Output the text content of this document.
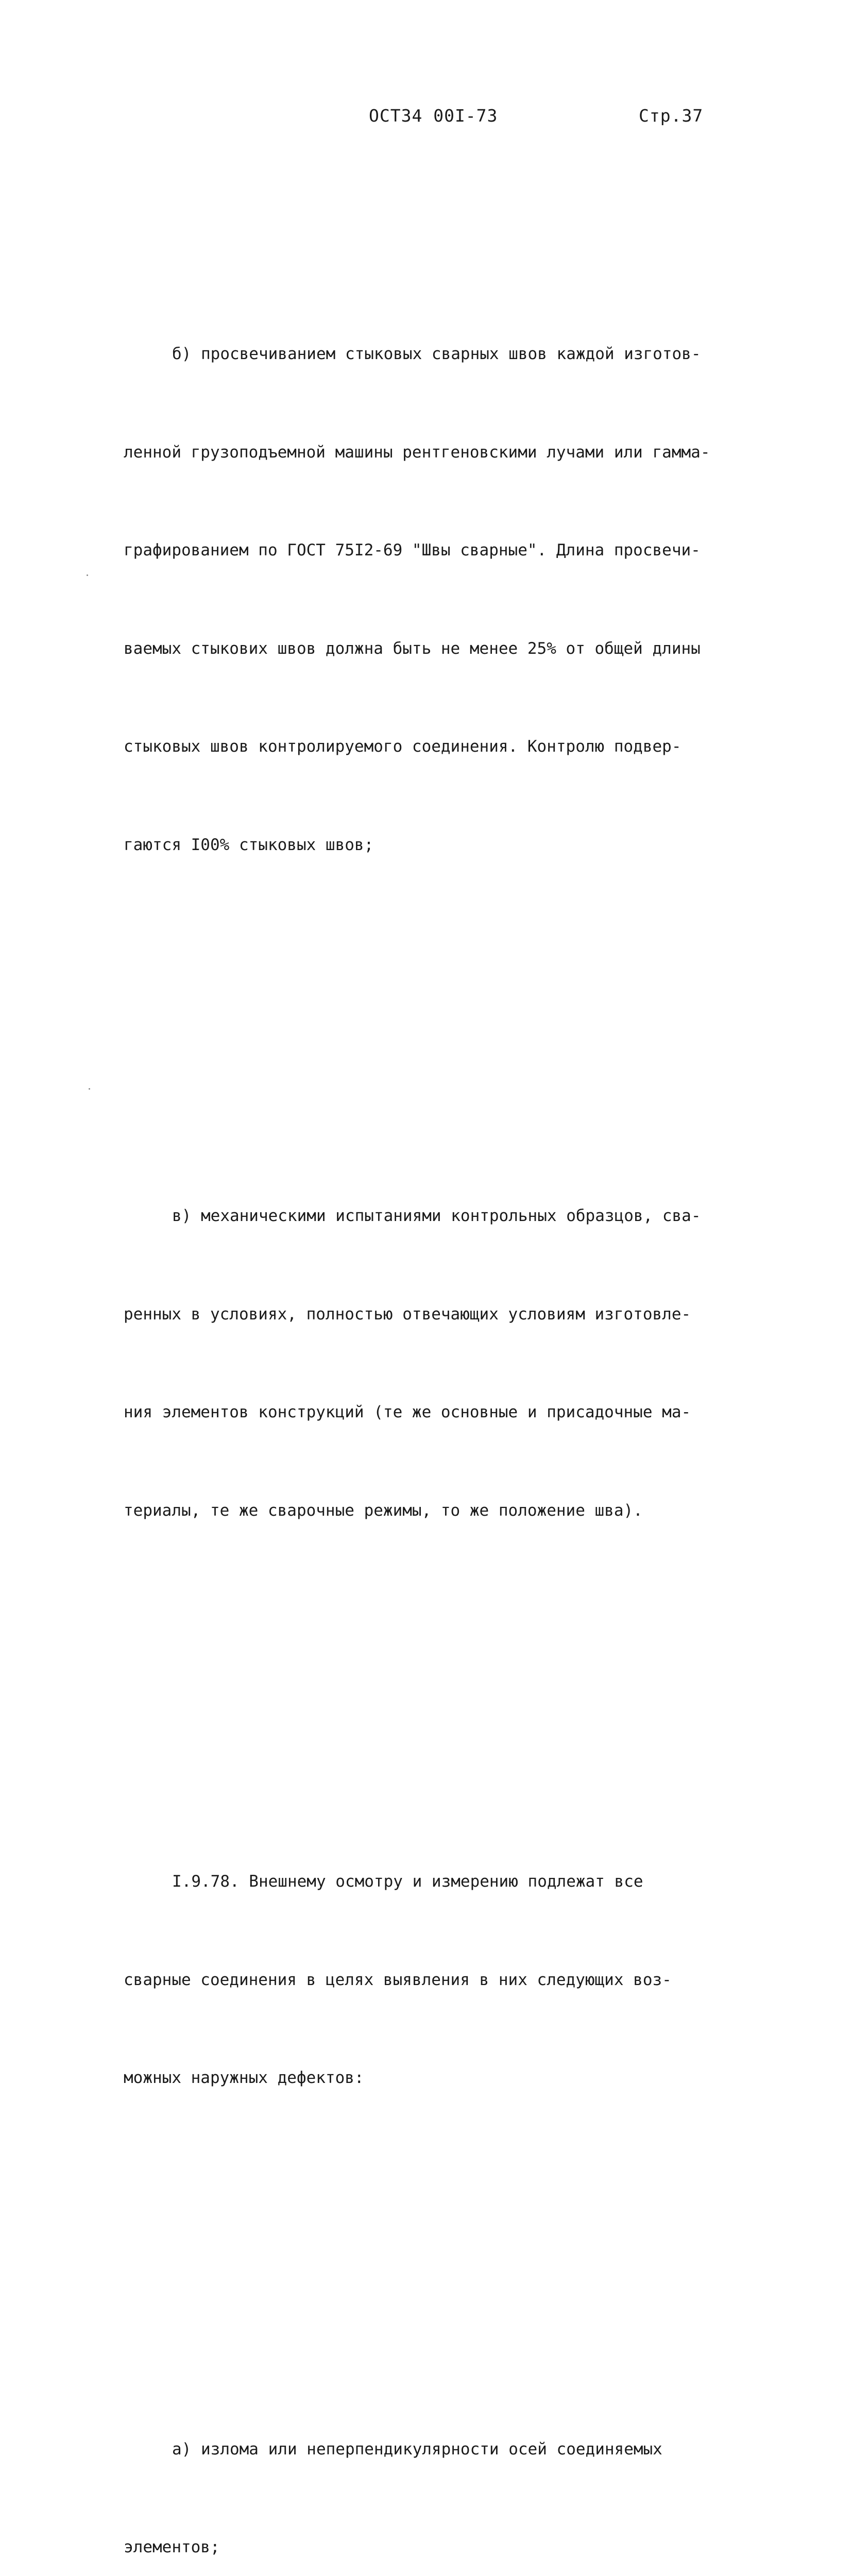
ОСТ34 00I-73	Стр.37

б) просвечиванием стыковых сварных швов каждой изготов-

ленной грузоподъемной машины рентгеновскими лучами или гамма-

графированием по ГОСТ 75I2-69 "Швы сварные". Длина просвечи-

ваемых стыкових швов должна быть не менее 25% от общей длины

стыковых швов контролируемого соединения. Контролю подвер-

гаются I00% стыковых швов;

в) механическими испытаниями контрольных образцов, сва-

ренных в условиях, полностью отвечающих условиям изготовле-

ния элементов конструкций (те же основные и присадочные ма-

териалы, те же сварочные режимы, то же положение шва).

I.9.78. Внешнему осмотру и измерению подлежат все

сварные соединения в целях выявления в них следующих воз-

можных наружных дефектов:

а) излома или неперпендикулярности осей соединяемых

элементов;
